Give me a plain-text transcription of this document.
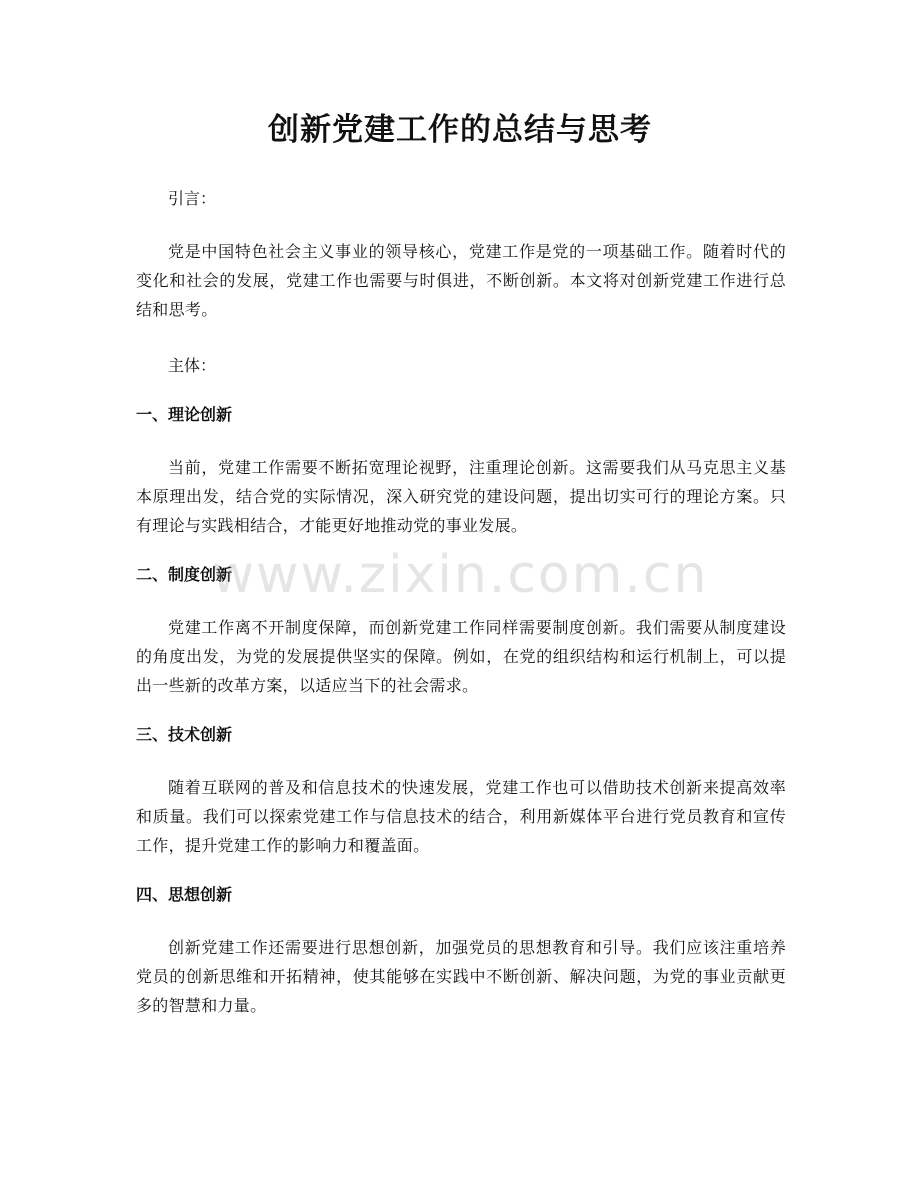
创新党建工作的总结与思考

引言：

党是中国特色社会主义事业的领导核心，党建工作是党的一项基础工作。随着时代的变化和社会的发展，党建工作也需要与时俱进，不断创新。本文将对创新党建工作进行总结和思考。

主体：

一、理论创新

当前，党建工作需要不断拓宽理论视野，注重理论创新。这需要我们从马克思主义基本原理出发，结合党的实际情况，深入研究党的建设问题，提出切实可行的理论方案。只有理论与实践相结合，才能更好地推动党的事业发展。

二、制度创新

党建工作离不开制度保障，而创新党建工作同样需要制度创新。我们需要从制度建设的角度出发，为党的发展提供坚实的保障。例如，在党的组织结构和运行机制上，可以提出一些新的改革方案，以适应当下的社会需求。

三、技术创新

随着互联网的普及和信息技术的快速发展，党建工作也可以借助技术创新来提高效率和质量。我们可以探索党建工作与信息技术的结合，利用新媒体平台进行党员教育和宣传工作，提升党建工作的影响力和覆盖面。

四、思想创新

创新党建工作还需要进行思想创新，加强党员的思想教育和引导。我们应该注重培养党员的创新思维和开拓精神，使其能够在实践中不断创新、解决问题，为党的事业贡献更多的智慧和力量。

www.zixin.com.cn
